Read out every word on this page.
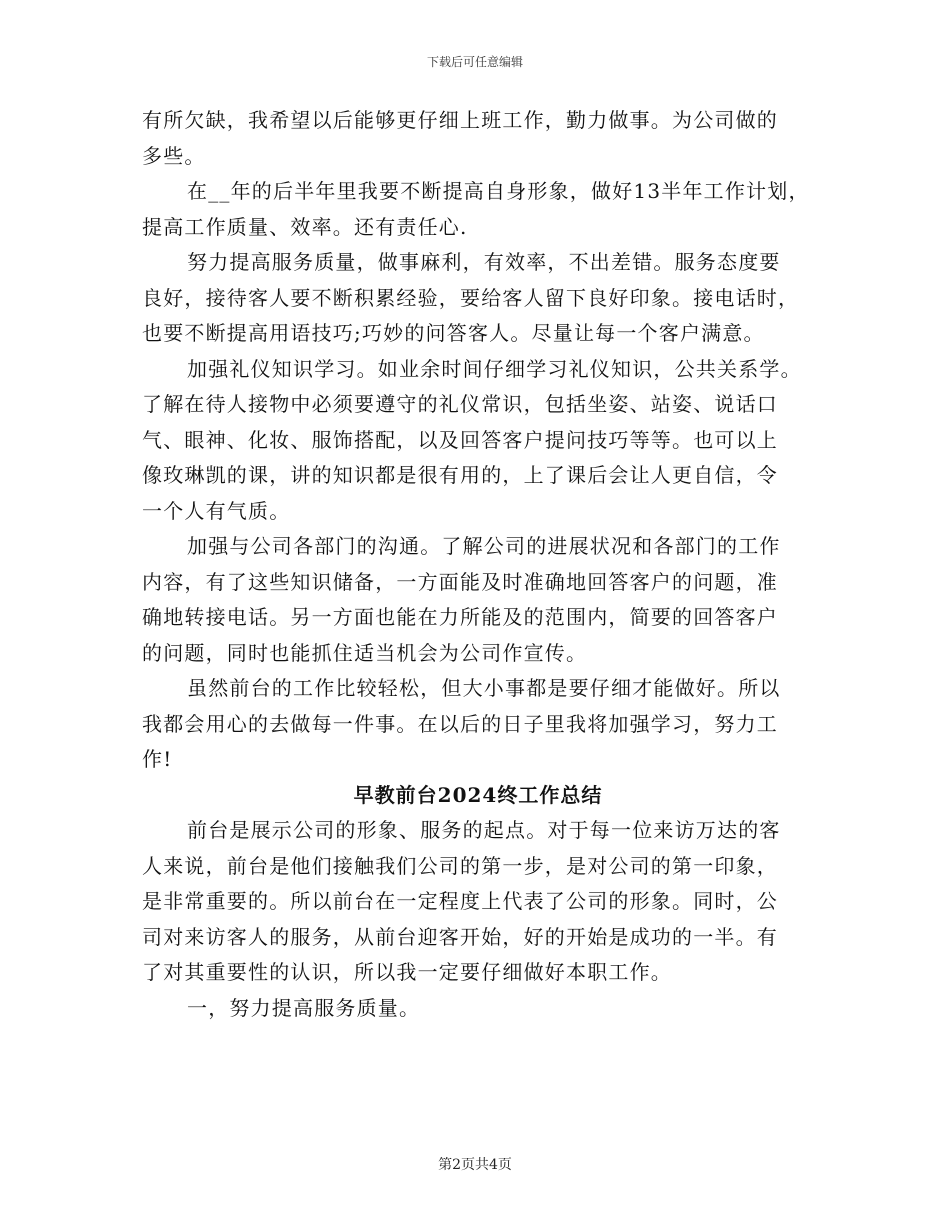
下载后可任意编辑

有所欠缺，我希望以后能够更仔细上班工作，勤力做事。为公司做的
多些。

在__年的后半年里我要不断提高自身形象，做好13半年工作计划，
提高工作质量、效率。还有责任心.

努力提高服务质量，做事麻利，有效率，不出差错。服务态度要
良好，接待客人要不断积累经验，要给客人留下良好印象。接电话时，
也要不断提高用语技巧;巧妙的问答客人。尽量让每一个客户满意。

加强礼仪知识学习。如业余时间仔细学习礼仪知识，公共关系学。
了解在待人接物中必须要遵守的礼仪常识，包括坐姿、站姿、说话口
气、眼神、化妆、服饰搭配，以及回答客户提问技巧等等。也可以上
像玫琳凯的课，讲的知识都是很有用的，上了课后会让人更自信，令
一个人有气质。

加强与公司各部门的沟通。了解公司的进展状况和各部门的工作
内容，有了这些知识储备，一方面能及时准确地回答客户的问题，准
确地转接电话。另一方面也能在力所能及的范围内，简要的回答客户
的问题，同时也能抓住适当机会为公司作宣传。

虽然前台的工作比较轻松，但大小事都是要仔细才能做好。所以
我都会用心的去做每一件事。在以后的日子里我将加强学习，努力工
作!

早教前台2024终工作总结

前台是展示公司的形象、服务的起点。对于每一位来访万达的客
人来说，前台是他们接触我们公司的第一步，是对公司的第一印象，
是非常重要的。所以前台在一定程度上代表了公司的形象。同时，公
司对来访客人的服务，从前台迎客开始，好的开始是成功的一半。有
了对其重要性的认识，所以我一定要仔细做好本职工作。

一，努力提高服务质量。

第2页共4页
